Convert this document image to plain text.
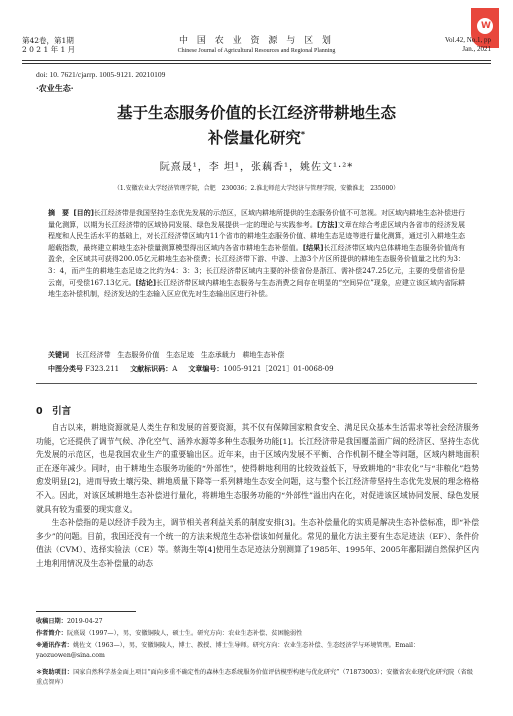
W
第42卷，第1期
2 0 2 1 年 1 月
中 国 农 业 资 源 与 区 划
Chinese Journal of Agricultural Resources and Regional Planning
Vol.42, No.1, pp
Jan., 2021
doi: 10. 7621/cjarrp. 1005-9121. 20210109
·农业生态·
基于生态服务价值的长江经济带耕地生态
补偿量化研究*
阮熹晟¹，李 坦¹，张藕香¹，姚佐文¹·²*
（1.安徽农业大学经济管理学院，合肥　230036；2.淮北师范大学经济与管理学院，安徽淮北　235000）
摘　要 [目的]长江经济带是我国坚持生态优先发展的示范区，区域内耕地所提供的生态服务价值不可忽视。对区域内耕地生态补偿进行量化测算，以期为长江经济带的区域协同发展、绿色发展提供一定的理论与实践参考。[方法]文章在综合考虑区域内各省市的经济发展程度和人民生活水平的基础上，对长江经济带区域内11个省市的耕地生态服务价值、耕地生态足迹等进行量化测算，通过引入耕地生态超载指数，最终建立耕地生态补偿量测算模型得出区域内各省市耕地生态补偿值。[结果]长江经济带区域内总体耕地生态服务价值尚有盈余，全区域共可获得200.05亿元耕地生态补偿费；长江经济带下游、中游、上游3个片区所提供的耕地生态服务价值量之比约为3：3：4，而产生的耕地生态足迹之比约为4：3：3；长江经济带区域内主要的补偿省份是浙江、需补偿247.25亿元，主要的受偿省份是云南，可受偿167.13亿元。[结论]长江经济带区域内耕地生态服务与生态消费之间存在明显的“空间异位”现象，应建立该区域内省际耕地生态补偿机制，经济发达的生态输入区应优先对生态输出区进行补偿。
关键词 长江经济带 生态服务价值 生态足迹 生态承载力 耕地生态补偿
中图分类号 F323.211 文献标识码：A 文章编号：1005-9121［2021］01-0068-09
0　引言

自古以来，耕地资源就是人类生存和发展的首要资源，其不仅有保障国家粮食安全、满足民众基本生活需求等社会经济服务功能，它还提供了调节气候、净化空气、涵养水源等多种生态服务功能[1]。长江经济带是我国覆盖面广阔的经济区、坚持生态优先发展的示范区，也是我国农业生产的重要输出区。近年来，由于区域内发展不平衡、合作机制不健全等问题，区域内耕地面积正在逐年减少。同时，由于耕地生态服务功能的“外部性”，使得耕地利用的比较效益低下，导致耕地的“非农化”与“非粮化”趋势愈发明显[2]，进而导致土壤污染、耕地质量下降等一系列耕地生态安全问题，这与整个长江经济带坚持生态优先发展的理念格格不入。因此，对该区域耕地生态补偿进行量化，将耕地生态服务功能的“外部性”溢出内在化，对促进该区域协同发展、绿色发展就具有较为重要的现实意义。

生态补偿指的是以经济手段为主，调节相关者利益关系的制度安排[3]。生态补偿量化的实质是解决生态补偿标准，即“补偿多少”的问题。目前，我国还没有一个统一的方法来规范生态补偿该如何量化。常见的量化方法主要有生态足迹法（EF）、条件价值法（CVM）、选择实验法（CE）等。蔡海生等[4]使用生态足迹法分别测算了1985年、1995年、2005年鄱阳湖自然保护区内土地利用情况及生态补偿量的动态

收稿日期：2019-04-27
作者简介：阮熹晟（1997—），男，安徽铜陵人，硕士生。研究方向：农业生态补偿、贫困脆弱性
※通讯作者：姚佐文（1963—），男，安徽铜陵人，博士、教授、博士生导师。研究方向：农业生态补偿、生态经济学与环境管理。Email：yaozuowen@sina.com
＊资助项目：国家自然科学基金面上项目“面向多重不确定性的森林生态系统服务价值评估模型构建与优化研究”（71873003）；安徽省农业现代化研究院（省级重点智库）
